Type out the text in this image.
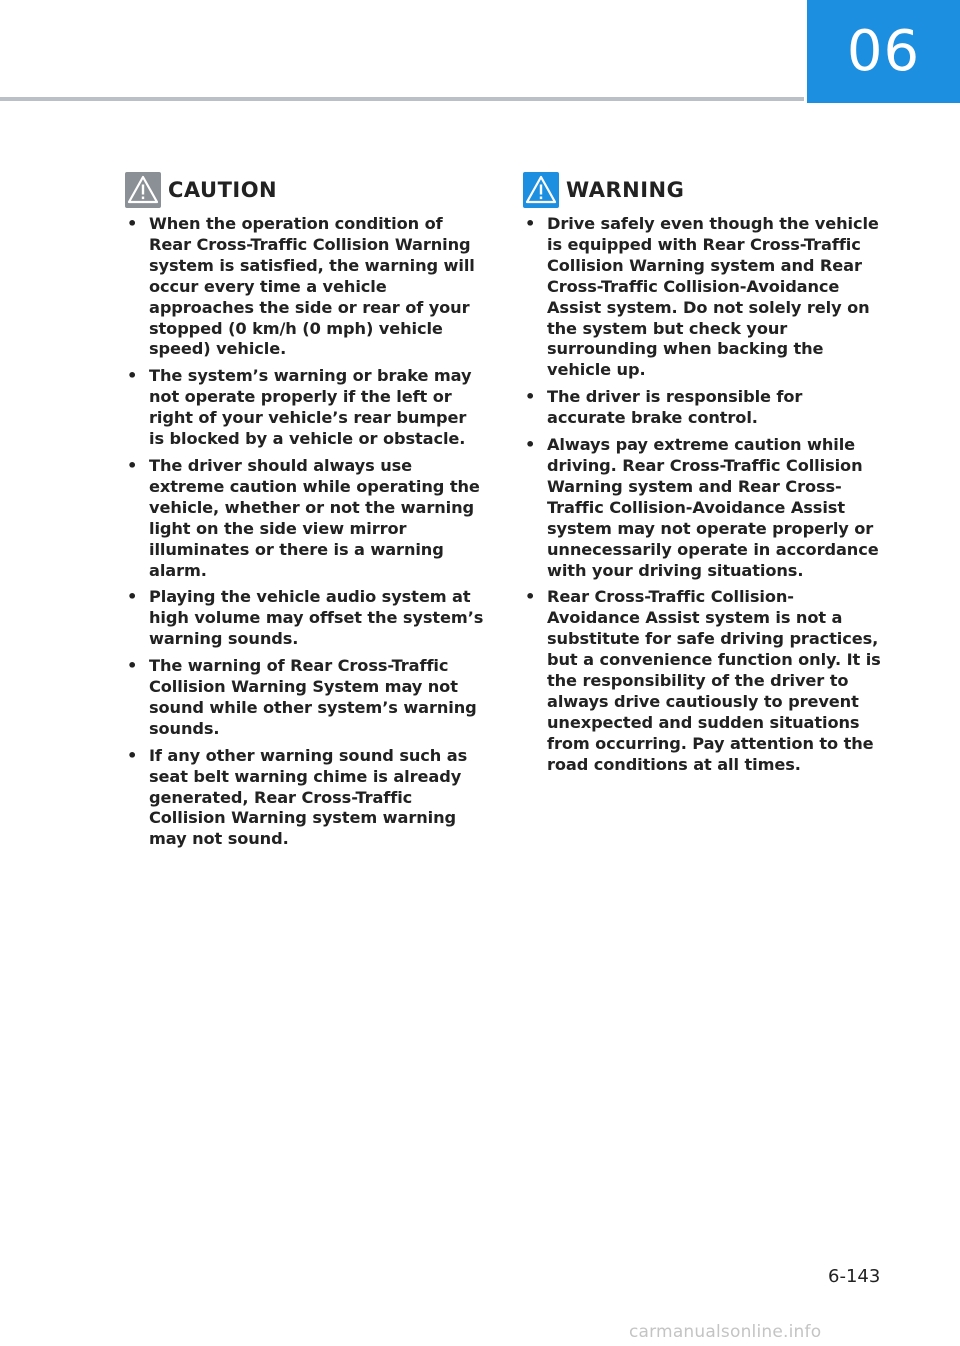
06
CAUTION
• When the operation condition of Rear Cross-Traffic Collision Warning system is satisfied, the warning will occur every time a vehicle approaches the side or rear of your stopped (0 km/h (0 mph) vehicle speed) vehicle.
• The system’s warning or brake may not operate properly if the left or right of your vehicle’s rear bumper is blocked by a vehicle or obstacle.
• The driver should always use extreme caution while operating the vehicle, whether or not the warning light on the side view mirror illuminates or there is a warning alarm.
• Playing the vehicle audio system at high volume may offset the system’s warning sounds.
• The warning of Rear Cross-Traffic Collision Warning System may not sound while other system’s warning sounds.
• If any other warning sound such as seat belt warning chime is already generated, Rear Cross-Traffic Collision Warning system warning may not sound.
WARNING
• Drive safely even though the vehicle is equipped with Rear Cross-Traffic Collision Warning system and Rear Cross-Traffic Collision-Avoidance Assist system. Do not solely rely on the system but check your surrounding when backing the vehicle up.
• The driver is responsible for accurate brake control.
• Always pay extreme caution while driving. Rear Cross-Traffic Collision Warning system and Rear Cross-Traffic Collision-Avoidance Assist system may not operate properly or unnecessarily operate in accordance with your driving situations.
• Rear Cross-Traffic Collision-Avoidance Assist system is not a substitute for safe driving practices, but a convenience function only. It is the responsibility of the driver to always drive cautiously to prevent unexpected and sudden situations from occurring. Pay attention to the road conditions at all times.
6-143
carmanualsonline.info
